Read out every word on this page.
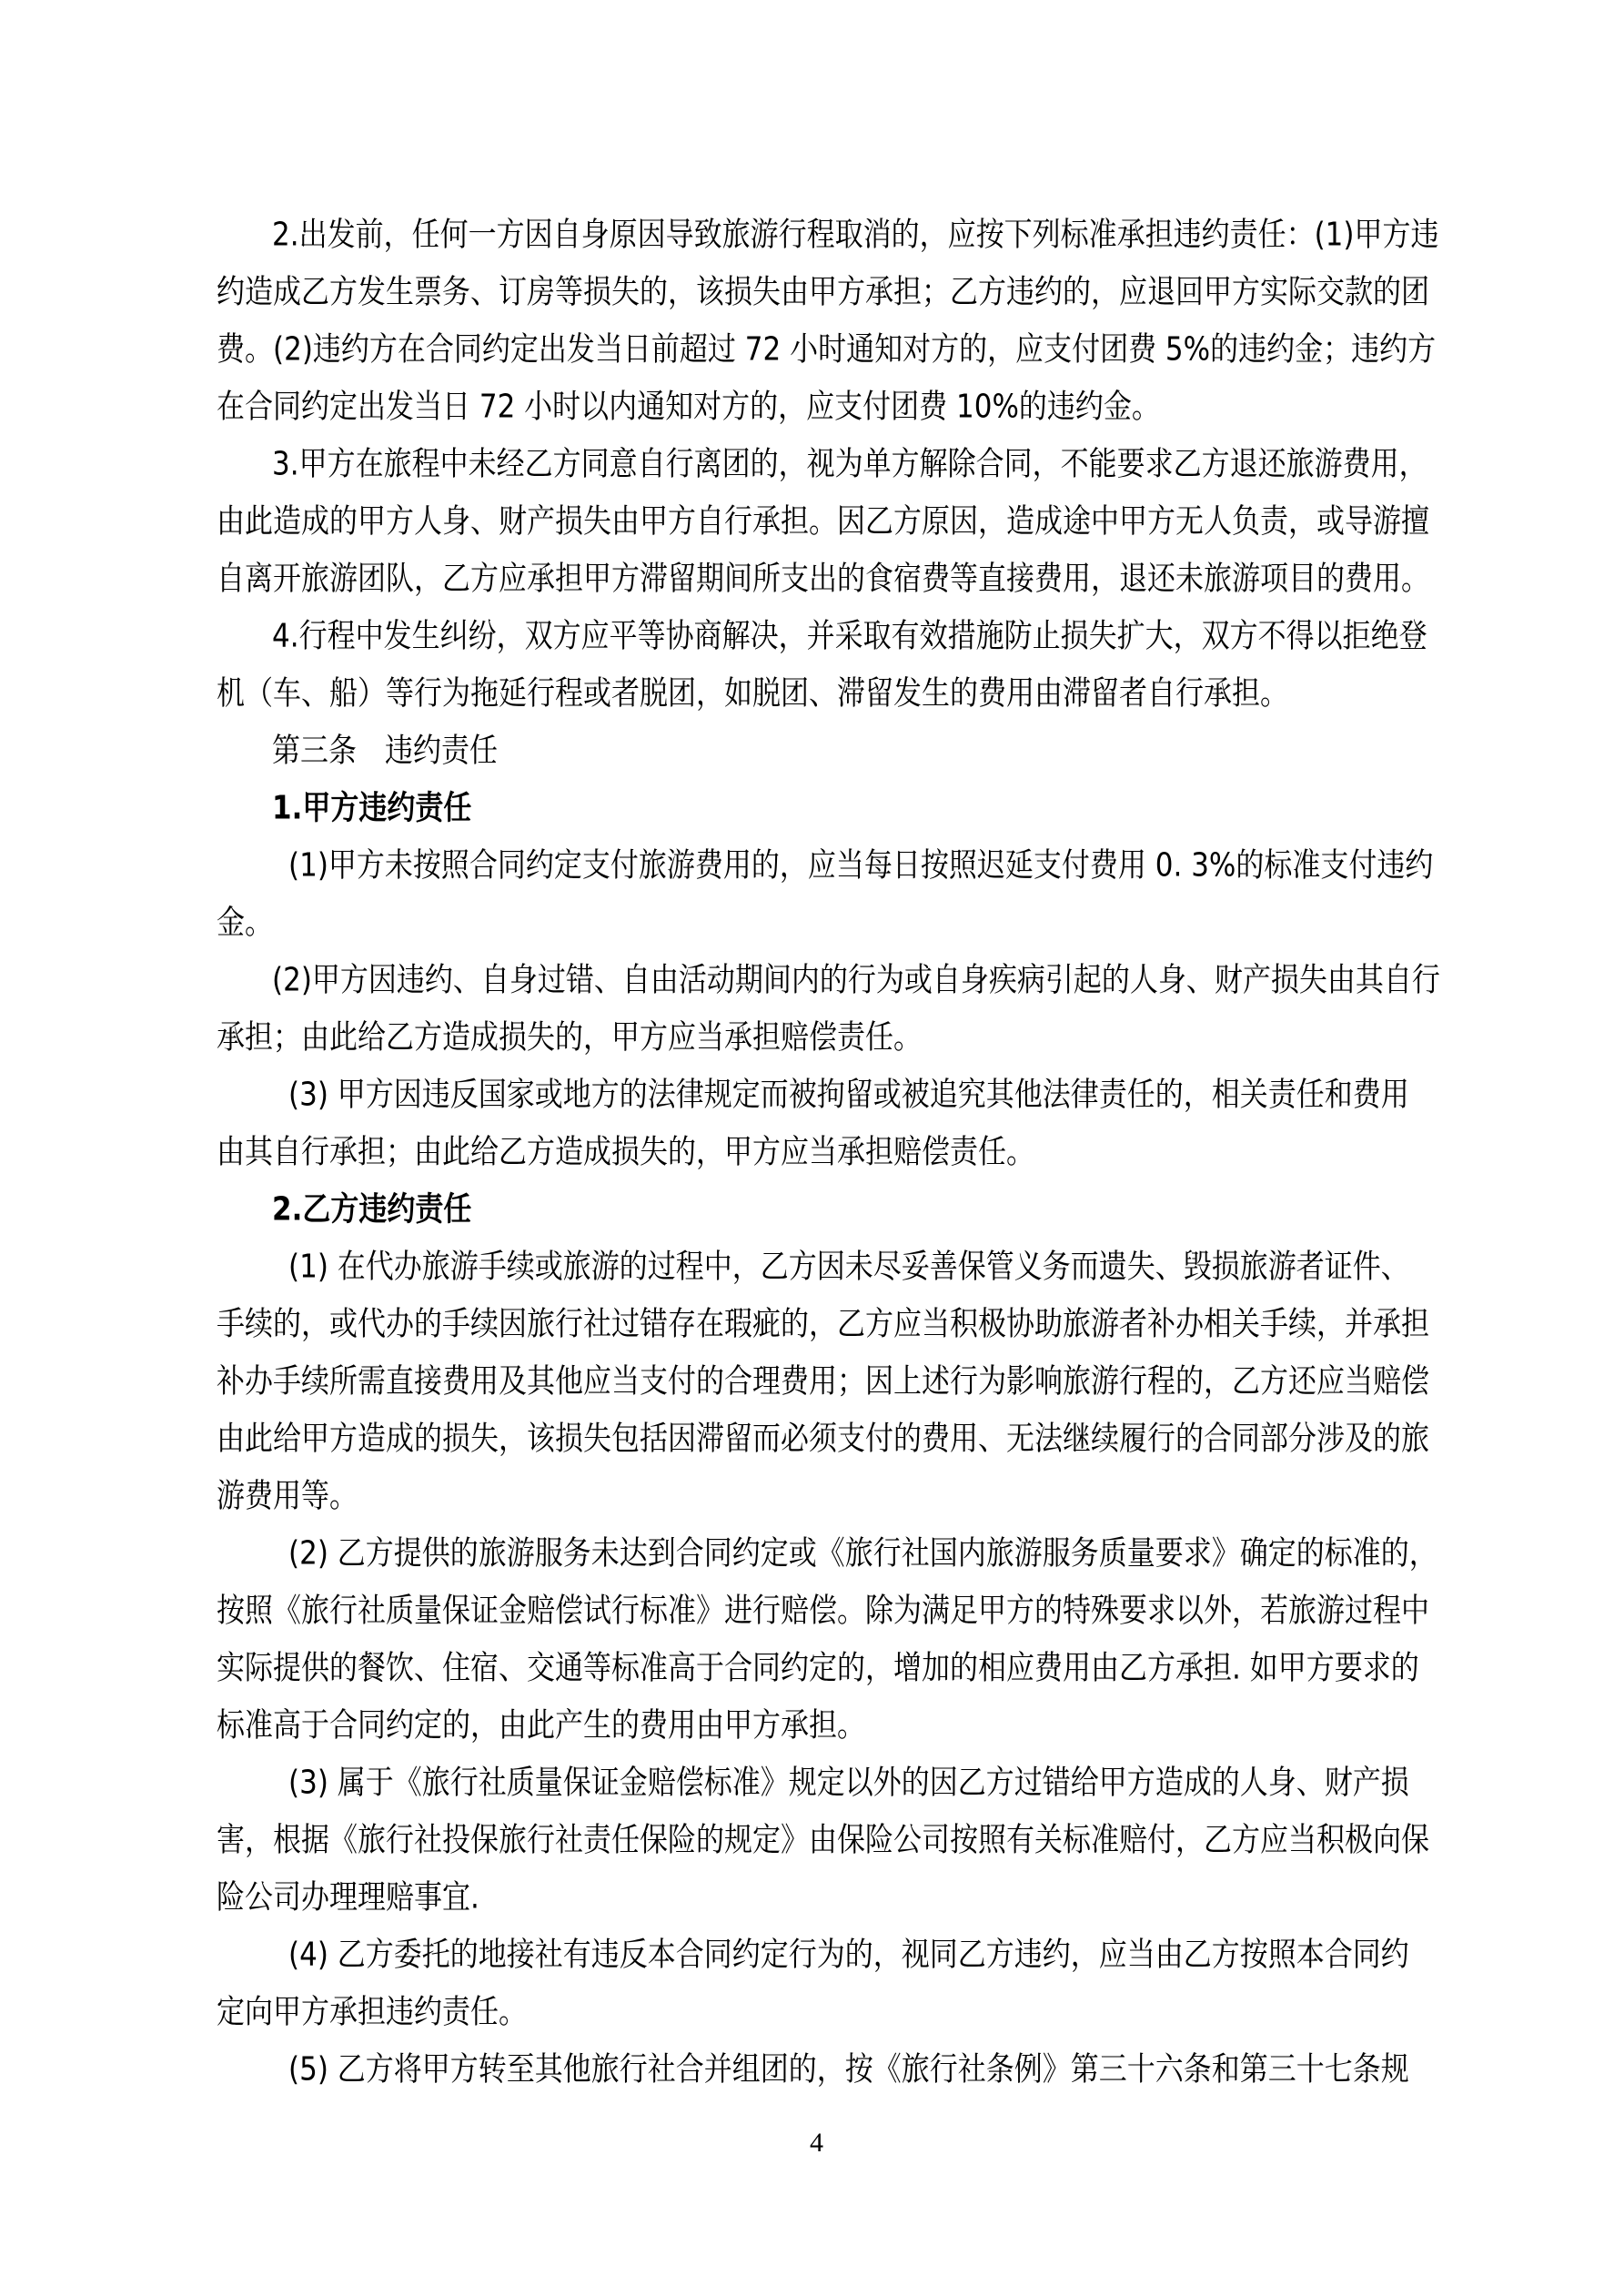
2.出发前，任何一方因自身原因导致旅游行程取消的，应按下列标准承担违约责任：(1)甲方违
约造成乙方发生票务、订房等损失的，该损失由甲方承担；乙方违约的，应退回甲方实际交款的团
费。(2)违约方在合同约定出发当日前超过 72 小时通知对方的，应支付团费 5%的违约金；违约方
在合同约定出发当日 72 小时以内通知对方的，应支付团费 10%的违约金。
3.甲方在旅程中未经乙方同意自行离团的，视为单方解除合同，不能要求乙方退还旅游费用，
由此造成的甲方人身、财产损失由甲方自行承担。因乙方原因，造成途中甲方无人负责，或导游擅
自离开旅游团队，乙方应承担甲方滞留期间所支出的食宿费等直接费用，退还未旅游项目的费用。
4.行程中发生纠纷，双方应平等协商解决，并采取有效措施防止损失扩大，双方不得以拒绝登
机（车、船）等行为拖延行程或者脱团，如脱团、滞留发生的费用由滞留者自行承担。
第三条　违约责任
1.甲方违约责任
(1)甲方未按照合同约定支付旅游费用的，应当每日按照迟延支付费用 0. 3%的标准支付违约
金。
(2)甲方因违约、自身过错、自由活动期间内的行为或自身疾病引起的人身、财产损失由其自行
承担；由此给乙方造成损失的，甲方应当承担赔偿责任。
(3) 甲方因违反国家或地方的法律规定而被拘留或被追究其他法律责任的，相关责任和费用
由其自行承担；由此给乙方造成损失的，甲方应当承担赔偿责任。
2.乙方违约责任
(1) 在代办旅游手续或旅游的过程中，乙方因未尽妥善保管义务而遗失、毁损旅游者证件、
手续的，或代办的手续因旅行社过错存在瑕疵的，乙方应当积极协助旅游者补办相关手续，并承担
补办手续所需直接费用及其他应当支付的合理费用；因上述行为影响旅游行程的，乙方还应当赔偿
由此给甲方造成的损失，该损失包括因滞留而必须支付的费用、无法继续履行的合同部分涉及的旅
游费用等。
(2) 乙方提供的旅游服务未达到合同约定或《旅行社国内旅游服务质量要求》确定的标准的，
按照《旅行社质量保证金赔偿试行标准》进行赔偿。除为满足甲方的特殊要求以外，若旅游过程中
实际提供的餐饮、住宿、交通等标准高于合同约定的，增加的相应费用由乙方承担. 如甲方要求的
标准高于合同约定的，由此产生的费用由甲方承担。
(3) 属于《旅行社质量保证金赔偿标准》规定以外的因乙方过错给甲方造成的人身、财产损
害，根据《旅行社投保旅行社责任保险的规定》由保险公司按照有关标准赔付，乙方应当积极向保
险公司办理理赔事宜.
(4) 乙方委托的地接社有违反本合同约定行为的，视同乙方违约，应当由乙方按照本合同约
定向甲方承担违约责任。
(5) 乙方将甲方转至其他旅行社合并组团的，按《旅行社条例》第三十六条和第三十七条规
4
